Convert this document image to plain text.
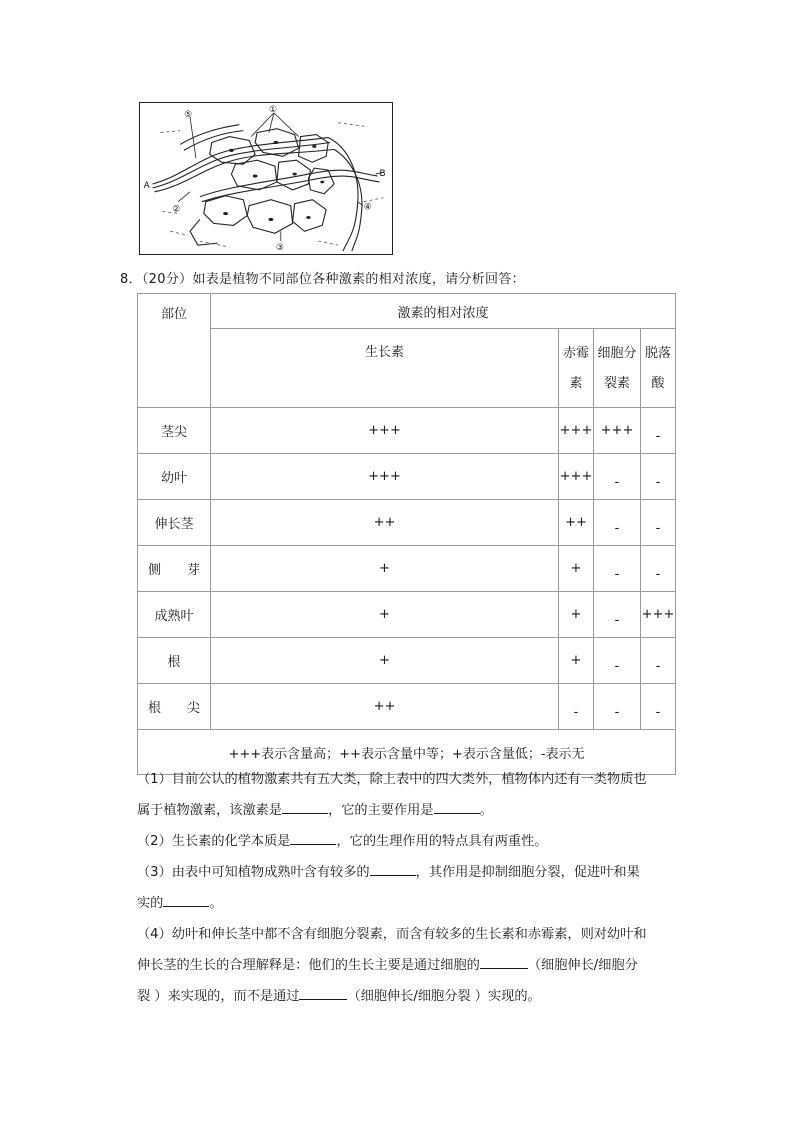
①
⑤
A
②
B
④
③
8．（20分）如表是植物不同部位各种激素的相对浓度，请分析回答：
部位	激素的相对浓度			
	生长素	赤霉
素	细胞分
裂素	脱落
酸

茎尖	+++	+++	+++	-
幼叶	+++	+++	-	-
伸长茎	++	++	-	-
侧 芽	+	+	-	-
成熟叶	+	+	-	+++
根	+	+	-	-
根 尖	++	-	-	-
+++表示含量高；++表示含量中等；+表示含量低；-表示无				

（1）目前公认的植物激素共有五大类，除上表中的四大类外，植物体内还有一类物质也

属于植物激素，该激素是	，它的主要作用是	。

（2）生长素的化学本质是	，它的生理作用的特点具有两重性。

（3）由表中可知植物成熟叶含有较多的	，其作用是抑制细胞分裂，促进叶和果

实的	。

（4）幼叶和伸长茎中都不含有细胞分裂素，而含有较多的生长素和赤霉素，则对幼叶和

伸长茎的生长的合理解释是：他们的生长主要是通过细胞的	（细胞伸长/细胞分

裂 ）来实现的，而不是通过	（细胞伸长/细胞分裂 ）实现的。
